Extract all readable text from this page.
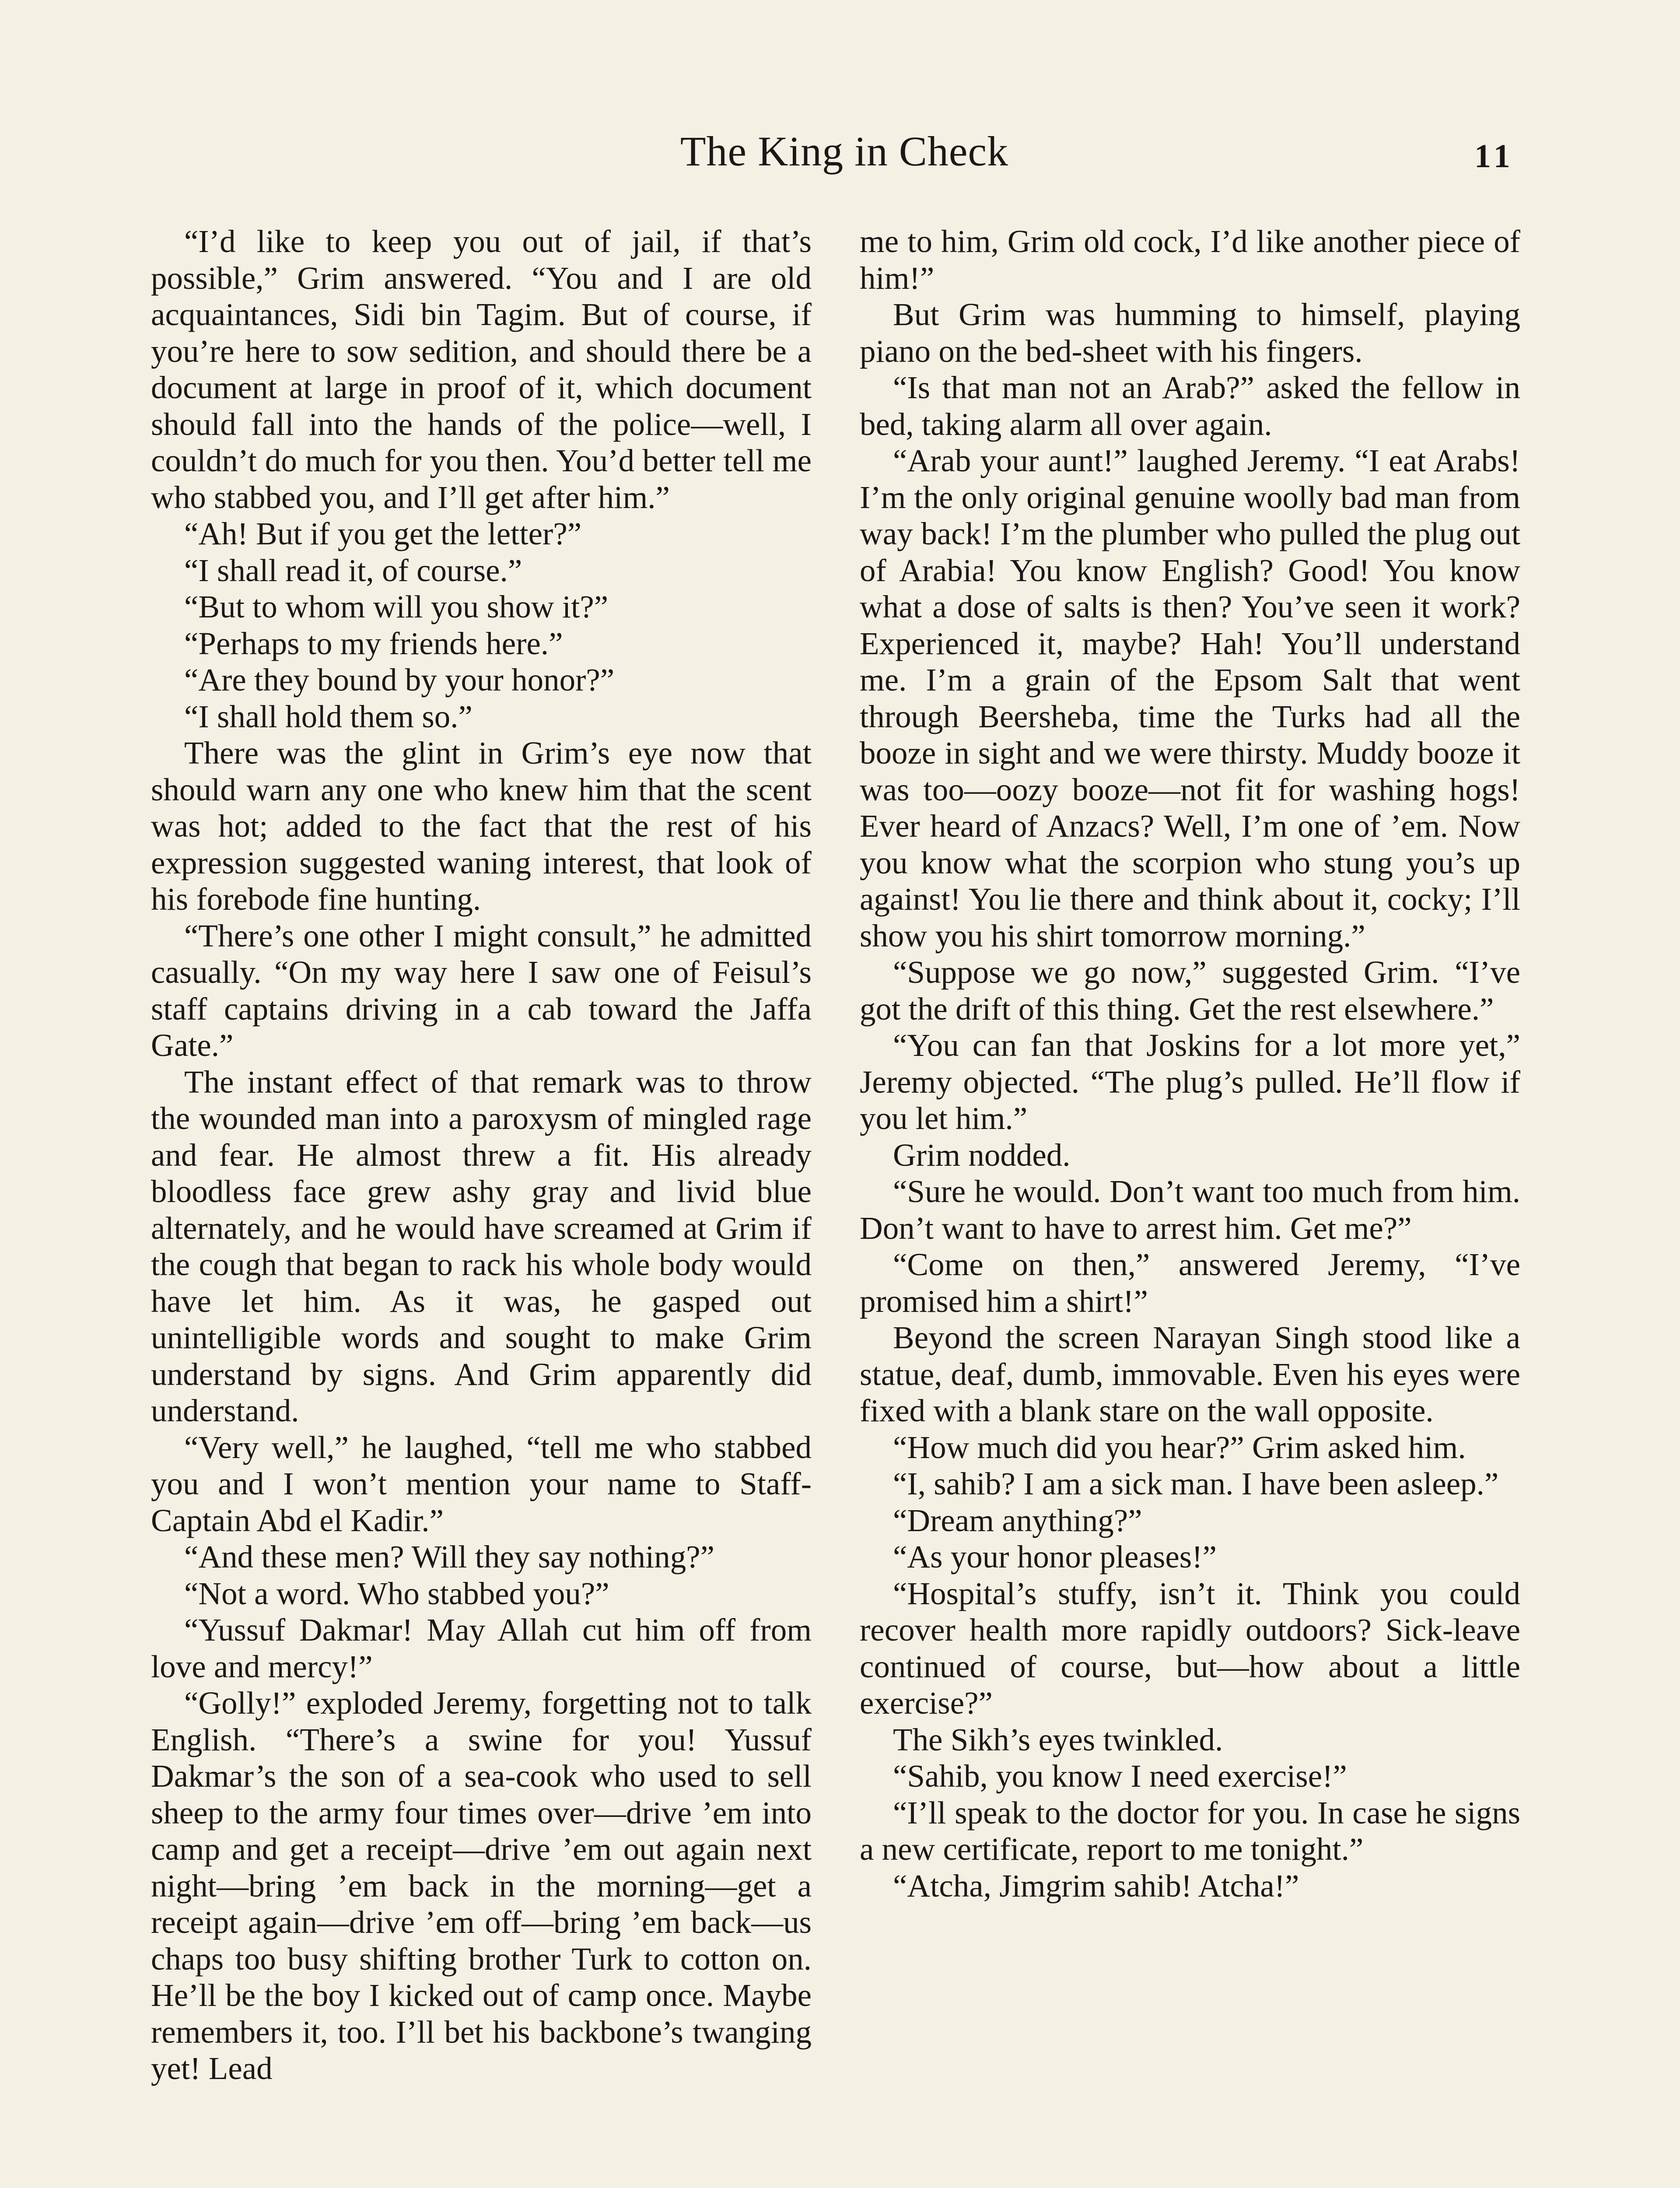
The King in Check	11

“I’d like to keep you out of jail, if that’s possible,” Grim answered. “You and I are old acquaintances, Sidi bin Tagim. But of course, if you’re here to sow sedition, and should there be a document at large in proof of it, which document should fall into the hands of the police—well, I couldn’t do much for you then. You’d better tell me who stabbed you, and I’ll get after him.”

“Ah! But if you get the letter?”

“I shall read it, of course.”

“But to whom will you show it?”

“Perhaps to my friends here.”

“Are they bound by your honor?”

“I shall hold them so.”

There was the glint in Grim’s eye now that should warn any one who knew him that the scent was hot; added to the fact that the rest of his expression suggested waning interest, that look of his forebode fine hunting.

“There’s one other I might consult,” he admitted casually. “On my way here I saw one of Feisul’s staff captains driving in a cab toward the Jaffa Gate.”

The instant effect of that remark was to throw the wounded man into a paroxysm of mingled rage and fear. He almost threw a fit. His already bloodless face grew ashy gray and livid blue alternately, and he would have screamed at Grim if the cough that began to rack his whole body would have let him. As it was, he gasped out unintelligible words and sought to make Grim understand by signs. And Grim apparently did understand.

“Very well,” he laughed, “tell me who stabbed you and I won’t mention your name to Staff-Captain Abd el Kadir.”

“And these men? Will they say nothing?”

“Not a word. Who stabbed you?”

“Yussuf Dakmar! May Allah cut him off from love and mercy!”

“Golly!” exploded Jeremy, forgetting not to talk English. “There’s a swine for you! Yussuf Dakmar’s the son of a sea-cook who used to sell sheep to the army four times over—drive ’em into camp and get a receipt—drive ’em out again next night—bring ’em back in the morning—get a receipt again—drive ’em off—bring ’em back—us chaps too busy shifting brother Turk to cotton on. He’ll be the boy I kicked out of camp once. Maybe remembers it, too. I’ll bet his backbone’s twanging yet! Lead

me to him, Grim old cock, I’d like another piece of him!”

But Grim was humming to himself, playing piano on the bed-sheet with his fingers.

“Is that man not an Arab?” asked the fellow in bed, taking alarm all over again.

“Arab your aunt!” laughed Jeremy. “I eat Arabs! I’m the only original genuine woolly bad man from way back! I’m the plumber who pulled the plug out of Arabia! You know English? Good! You know what a dose of salts is then? You’ve seen it work? Experienced it, maybe? Hah! You’ll understand me. I’m a grain of the Epsom Salt that went through Beersheba, time the Turks had all the booze in sight and we were thirsty. Muddy booze it was too—oozy booze—not fit for washing hogs! Ever heard of Anzacs? Well, I’m one of ’em. Now you know what the scorpion who stung you’s up against! You lie there and think about it, cocky; I’ll show you his shirt tomorrow morning.”

“Suppose we go now,” suggested Grim. “I’ve got the drift of this thing. Get the rest elsewhere.”

“You can fan that Joskins for a lot more yet,” Jeremy objected. “The plug’s pulled. He’ll flow if you let him.”

Grim nodded.

“Sure he would. Don’t want too much from him. Don’t want to have to arrest him. Get me?”

“Come on then,” answered Jeremy, “I’ve promised him a shirt!”

Beyond the screen Narayan Singh stood like a statue, deaf, dumb, immovable. Even his eyes were fixed with a blank stare on the wall opposite.

“How much did you hear?” Grim asked him.

“I, sahib? I am a sick man. I have been asleep.”

“Dream anything?”

“As your honor pleases!”

“Hospital’s stuffy, isn’t it. Think you could recover health more rapidly outdoors? Sick-leave continued of course, but—how about a little exercise?”

The Sikh’s eyes twinkled.

“Sahib, you know I need exercise!”

“I’ll speak to the doctor for you. In case he signs a new certificate, report to me tonight.”

“Atcha, Jimgrim sahib! Atcha!”
